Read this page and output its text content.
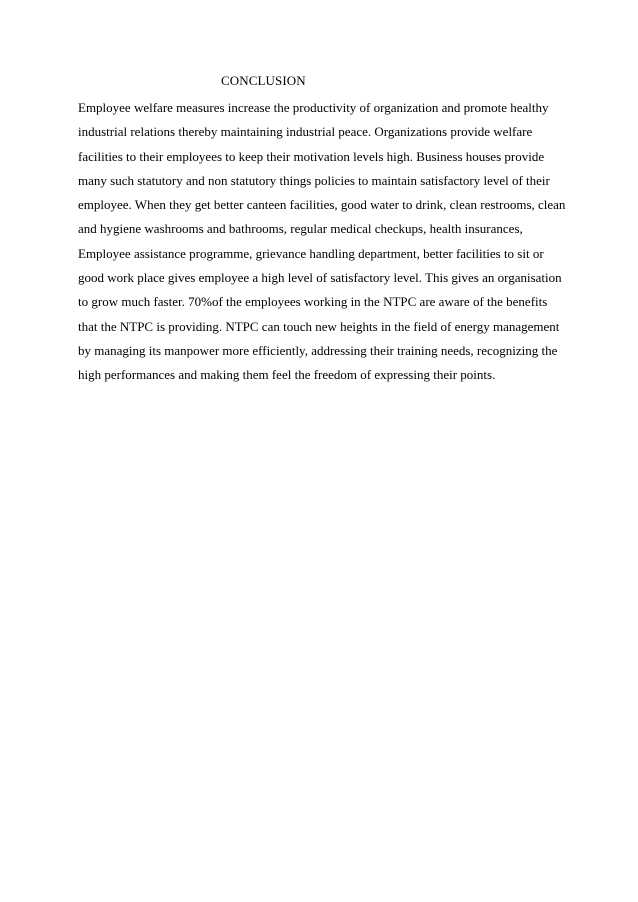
CONCLUSION
Employee welfare measures increase the productivity of organization and promote healthy
industrial relations thereby maintaining industrial peace. Organizations provide welfare
facilities to their employees to keep their motivation levels high. Business houses provide
many such statutory and non statutory things policies to maintain satisfactory level of their
employee. When they get better canteen facilities, good water to drink, clean restrooms, clean
and hygiene washrooms and bathrooms, regular medical checkups, health insurances,
Employee assistance programme, grievance handling department, better facilities to sit or
good work place gives employee a high level of satisfactory level. This gives an organisation
to grow much faster. 70%of the employees working in the NTPC are aware of the benefits
that the NTPC is providing. NTPC can touch new heights in the field of energy management
by managing its manpower more efficiently, addressing their training needs, recognizing the
high performances and making them feel the freedom of expressing their points.
